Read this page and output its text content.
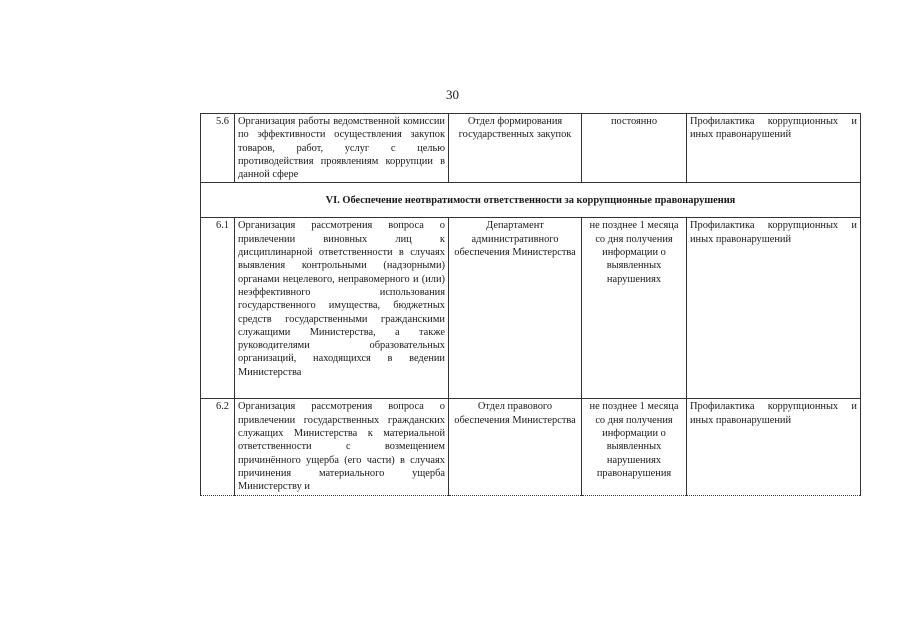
30
5.6	Организация работы ведомственной комиссии по эффективности осуществления закупок товаров, работ, услуг с целью противодействия проявлениям коррупции в данной сфере	Отдел формирования государственных закупок	постоянно	Профилактика коррупционных и иных правонарушений
VI. Обеспечение неотвратимости ответственности за коррупционные правонарушения				
6.1	Организация рассмотрения вопроса о привлечении виновных лиц к дисциплинарной ответственности в случаях выявления контрольными (надзорными) органами нецелевого, неправомерного и (или) неэффективного использования государственного имущества, бюджетных средств государственными гражданскими служащими Министерства, а также руководителями образовательных организаций, находящихся в ведении Министерства	Департамент административного обеспечения Министерства	не позднее 1 месяца со дня получения информации о выявленных нарушениях	Профилактика коррупционных и иных правонарушений
6.2	Организация рассмотрения вопроса о привлечении государственных гражданских служащих Министерства к материальной ответственности с возмещением причинённого ущерба (его части) в случаях причинения материального ущерба Министерству и	Отдел правового обеспечения Министерства	не позднее 1 месяца со дня получения информации о выявленных нарушениях правонарушения	Профилактика коррупционных и иных правонарушений
